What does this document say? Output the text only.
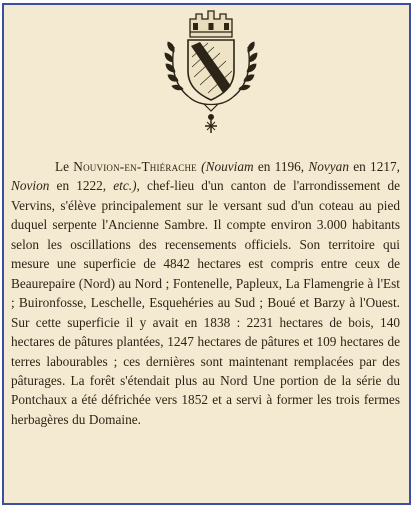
Le Nouvion-en-Thiérache (Nouviam en 1196, Novyan en 1217, Novion en 1222, etc.), chef-lieu d'un canton de l'arrondissement de Vervins, s'élève principalement sur le versant sud d'un coteau au pied duquel serpente l'Ancienne Sambre. Il compte environ 3.000 habitants selon les oscillations des recensements officiels. Son territoire qui mesure une superficie de 4842 hectares est compris entre ceux de Beaurepaire (Nord) au Nord ; Fontenelle, Papleux, La Flamengrie à l'Est ; Buironfosse, Leschelle, Esquehéries au Sud ; Boué et Barzy à l'Ouest. Sur cette superficie il y avait en 1838 : 2231 hectares de bois, 140 hectares de pâtures plantées, 1247 hectares de pâtures et 109 hectares de terres labourables ; ces dernières sont maintenant remplacées par des pâturages. La forêt s'étendait plus au Nord Une portion de la série du Pontchaux a été défrichée vers 1852 et a servi à former les trois fermes herbagères du Domaine.
